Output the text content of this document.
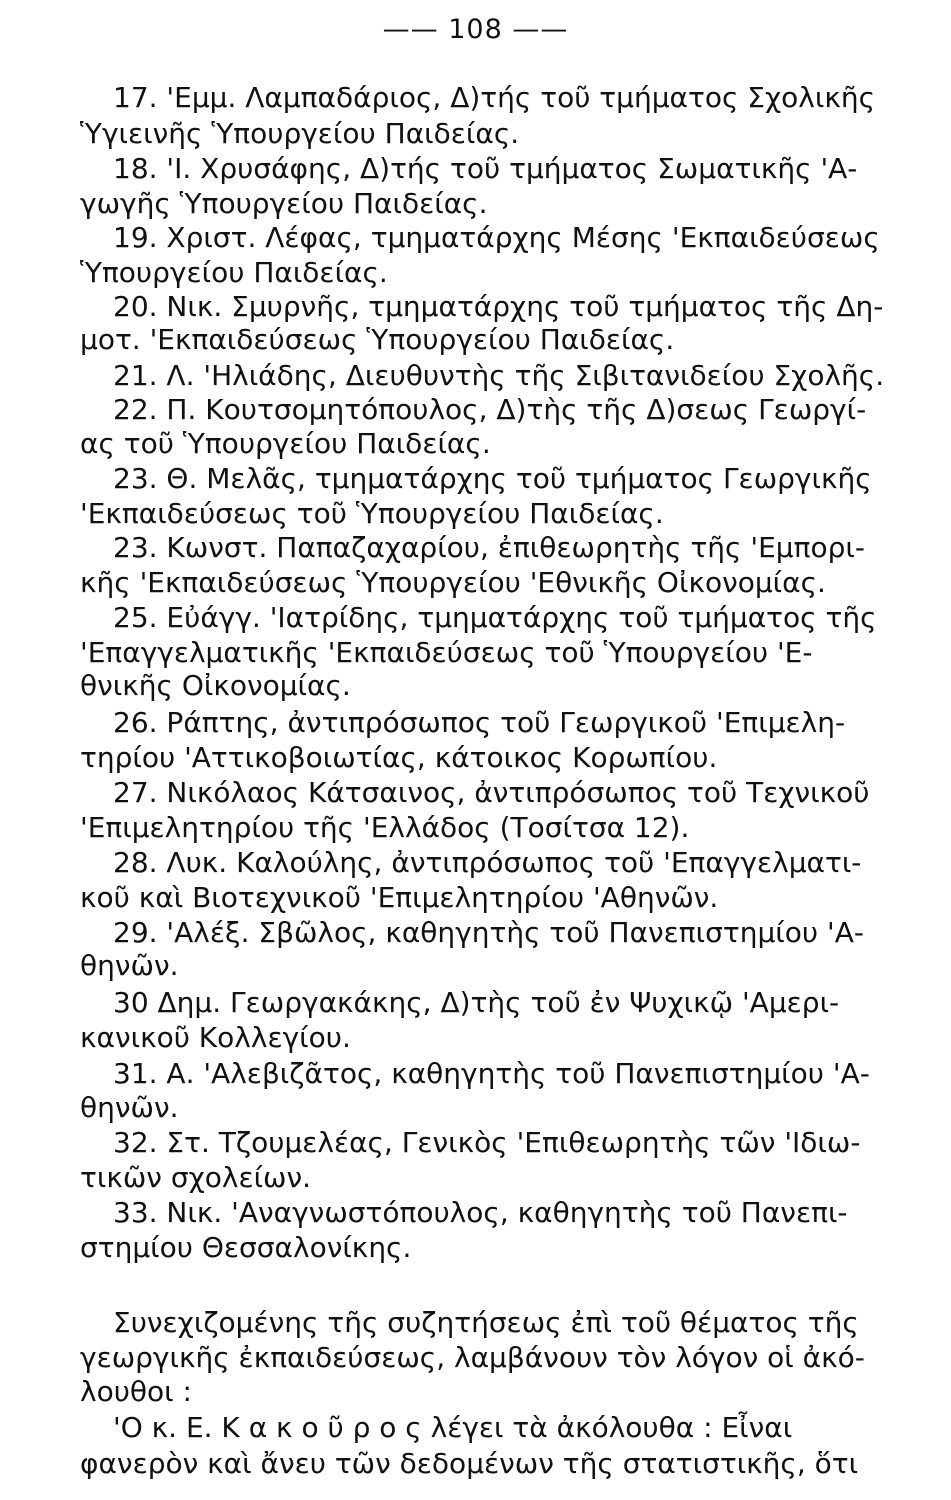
—— 108 ——
17. 'Εμμ. Λαμπαδάριος, Δ)τής τοῦ τμήματος Σχολικῆς
Ὑγιεινῆς Ὑπουργείου Παιδείας.
18. 'Ι. Χρυσάφης, Δ)τής τοῦ τμήματος Σωματικῆς 'Α-
γωγῆς Ὑπουργείου Παιδείας.
19. Χριστ. Λέφας, τμηματάρχης Μέσης 'Εκπαιδεύσεως
Ὑπουργείου Παιδείας.
20. Νικ. Σμυρνῆς, τμηματάρχης τοῦ τμήματος τῆς Δη-
μοτ. 'Εκπαιδεύσεως Ὑπουργείου Παιδείας.
21. Λ. 'Ηλιάδης, Διευθυντὴς τῆς Σιβιτανιδείου Σχολῆς.
22. Π. Κουτσομητόπουλος, Δ)τὴς τῆς Δ)σεως Γεωργί-
ας τοῦ Ὑπουργείου Παιδείας.
23. Θ. Μελᾶς, τμηματάρχης τοῦ τμήματος Γεωργικῆς
'Εκπαιδεύσεως τοῦ Ὑπουργείου Παιδείας.
23. Κωνστ. Παπαζαχαρίου, ἐπιθεωρητὴς τῆς 'Εμπορι-
κῆς 'Εκπαιδεύσεως Ὑπουργείου 'Εθνικῆς Οἰκονομίας.
25. Εὐάγγ. 'Ιατρίδης, τμηματάρχης τοῦ τμήματος τῆς
'Επαγγελματικῆς 'Εκπαιδεύσεως τοῦ Ὑπουργείου 'Ε-
θνικῆς Οἰκονομίας.
26. Ράπτης, ἀντιπρόσωπος τοῦ Γεωργικοῦ 'Επιμελη-
τηρίου 'Αττικοβοιωτίας, κάτοικος Κορωπίου.
27. Νικόλαος Κάτσαινος, ἀντιπρόσωπος τοῦ Τεχνικοῦ
'Επιμελητηρίου τῆς 'Ελλάδος (Τοσίτσα 12).
28. Λυκ. Καλούλης, ἀντιπρόσωπος τοῦ 'Επαγγελματι-
κοῦ καὶ Βιοτεχνικοῦ 'Επιμελητηρίου 'Αθηνῶν.
29. 'Αλέξ. Σβῶλος, καθηγητὴς τοῦ Πανεπιστημίου 'Α-
θηνῶν.
30 Δημ. Γεωργακάκης, Δ)τὴς τοῦ ἐν Ψυχικῷ 'Αμερι-
κανικοῦ Κολλεγίου.
31. Α. 'Αλεβιζᾶτος, καθηγητὴς τοῦ Πανεπιστημίου 'Α-
θηνῶν.
32. Στ. Τζουμελέας, Γενικὸς 'Επιθεωρητὴς τῶν 'Ιδιω-
τικῶν σχολείων.
33. Νικ. 'Αναγνωστόπουλος, καθηγητὴς τοῦ Πανεπι-
στημίου Θεσσαλονίκης.
Συνεχιζομένης τῆς συζητήσεως ἐπὶ τοῦ θέματος τῆς
γεωργικῆς ἐκπαιδεύσεως, λαμβάνουν τὸν λόγον οἱ ἀκό-
λουθοι :
'Ο κ. Ε. Κ α κ ο ῦ ρ ο ς λέγει τὰ ἀκόλουθα : Εἶναι
φανερὸν καὶ ἄνευ τῶν δεδομένων τῆς στατιστικῆς, ὅτι
